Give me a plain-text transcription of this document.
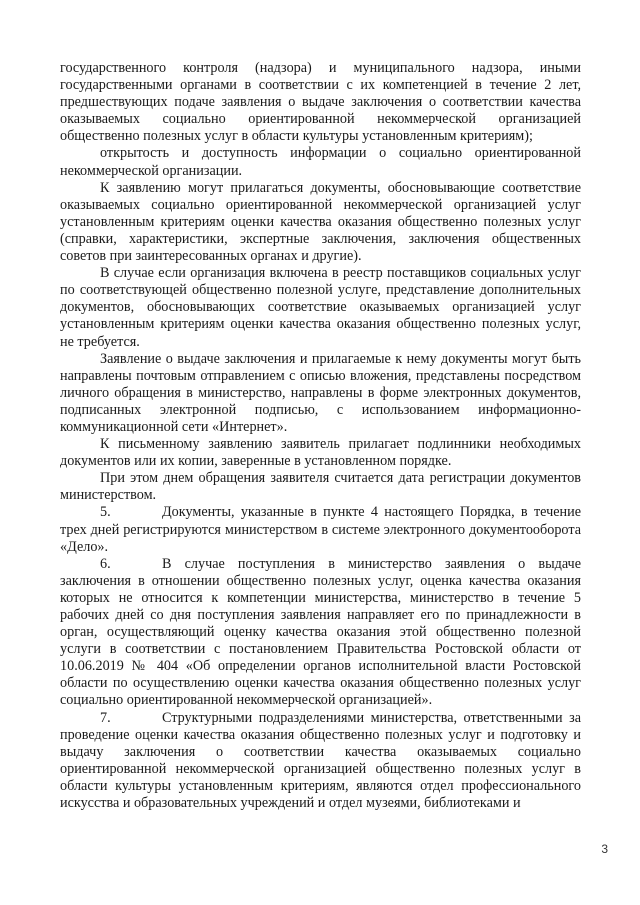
государственного контроля (надзора) и муниципального надзора, иными государственными органами в соответствии с их компетенцией в течение 2 лет, предшествующих подаче заявления о выдаче заключения о соответствии качества оказываемых социально ориентированной некоммерческой организацией общественно полезных услуг в области культуры установленным критериям);

открытость и доступность информации о социально ориентированной некоммерческой организации.

К заявлению могут прилагаться документы, обосновывающие соответствие оказываемых социально ориентированной некоммерческой организацией услуг установленным критериям оценки качества оказания общественно полезных услуг (справки, характеристики, экспертные заключения, заключения общественных советов при заинтересованных органах и другие).

В случае если организация включена в реестр поставщиков социальных услуг по соответствующей общественно полезной услуге, представление дополнительных документов, обосновывающих соответствие оказываемых организацией услуг установленным критериям оценки качества оказания общественно полезных услуг, не требуется.

Заявление о выдаче заключения и прилагаемые к нему документы могут быть направлены почтовым отправлением с описью вложения, представлены посредством личного обращения в министерство, направлены в форме электронных документов, подписанных электронной подписью, с использованием информационно-коммуникационной сети «Интернет».

К письменному заявлению заявитель прилагает подлинники необходимых документов или их копии, заверенные в установленном порядке.

При этом днем обращения заявителя считается дата регистрации документов министерством.

5.	Документы, указанные в пункте 4 настоящего Порядка, в течение трех дней регистрируются министерством в системе электронного документооборота «Дело».

6.	В случае поступления в министерство заявления о выдаче заключения в отношении общественно полезных услуг, оценка качества оказания которых не относится к компетенции министерства, министерство в течение 5 рабочих дней со дня поступления заявления направляет его по принадлежности в орган, осуществляющий оценку качества оказания этой общественно полезной услуги в соответствии с постановлением Правительства Ростовской области от 10.06.2019 № 404 «Об определении органов исполнительной власти Ростовской области по осуществлению оценки качества оказания общественно полезных услуг социально ориентированной некоммерческой организацией».

7.	Структурными подразделениями министерства, ответственными за проведение оценки качества оказания общественно полезных услуг и подготовку и выдачу заключения о соответствии качества оказываемых социально ориентированной некоммерческой организацией общественно полезных услуг в области культуры установленным критериям, являются отдел профессионального искусства и образовательных учреждений и отдел музеями, библиотеками и

3
